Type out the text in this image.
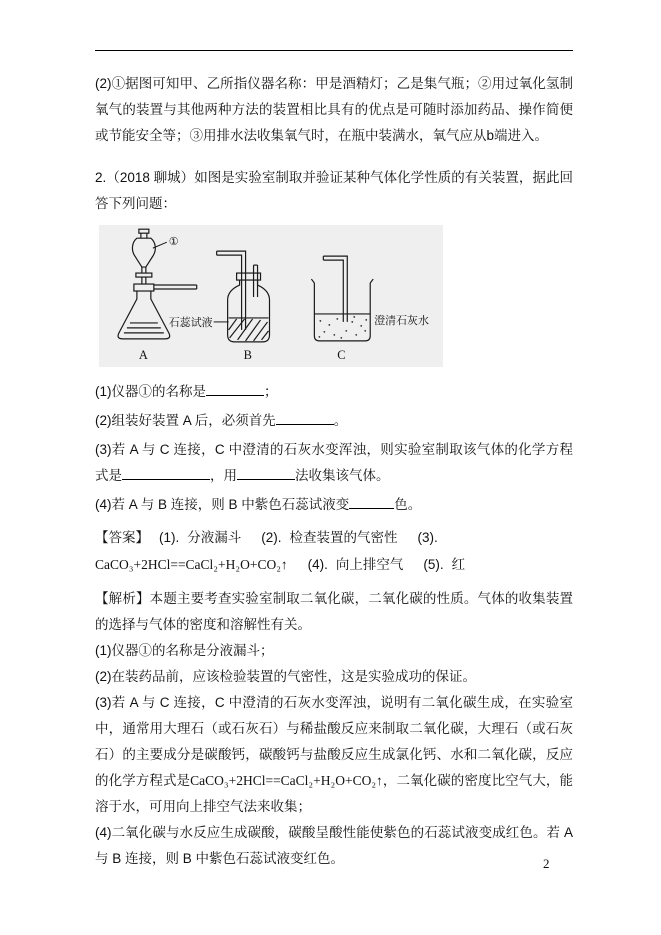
(2)①据图可知甲、乙所指仪器名称：甲是酒精灯；乙是集气瓶；②用过氧化氢制氧气的装置与其他两种方法的装置相比具有的优点是可随时添加药品、操作简便或节能安全等；③用排水法收集氧气时，在瓶中装满水，氧气应从b端进入。

2.（2018 聊城）如图是实验室制取并验证某种气体化学性质的有关装置，据此回答下列问题：

①
石蕊试液	澄清石灰水
A	B	C

(1)仪器①的名称是	；

(2)组装好装置 A 后，必须首先	。

(3)若 A 与 C 连接，C 中澄清的石灰水变浑浊，则实验室制取该气体的化学方程式是	，用	法收集该气体。

(4)若 A 与 B 连接，则 B 中紫色石蕊试液变	色。

【答案】 (1). 分液漏斗 (2). 检查装置的气密性 (3).
CaCO₃+2HCl==CaCl₂+H₂O+CO₂↑ (4). 向上排空气 (5). 红

【解析】本题主要考查实验室制取二氧化碳，二氧化碳的性质。气体的收集装置的选择与气体的密度和溶解性有关。

(1)仪器①的名称是分液漏斗；

(2)在装药品前，应该检验装置的气密性，这是实验成功的保证。

(3)若 A 与 C 连接，C 中澄清的石灰水变浑浊，说明有二氧化碳生成，在实验室中，通常用大理石（或石灰石）与稀盐酸反应来制取二氧化碳，大理石（或石灰石）的主要成分是碳酸钙，碳酸钙与盐酸反应生成氯化钙、水和二氧化碳，反应的化学方程式是CaCO₃+2HCl==CaCl₂+H₂O+CO₂↑，二氧化碳的密度比空气大，能溶于水，可用向上排空气法来收集；

(4)二氧化碳与水反应生成碳酸，碳酸呈酸性能使紫色的石蕊试液变成红色。若 A 与 B 连接，则 B 中紫色石蕊试液变红色。	2
